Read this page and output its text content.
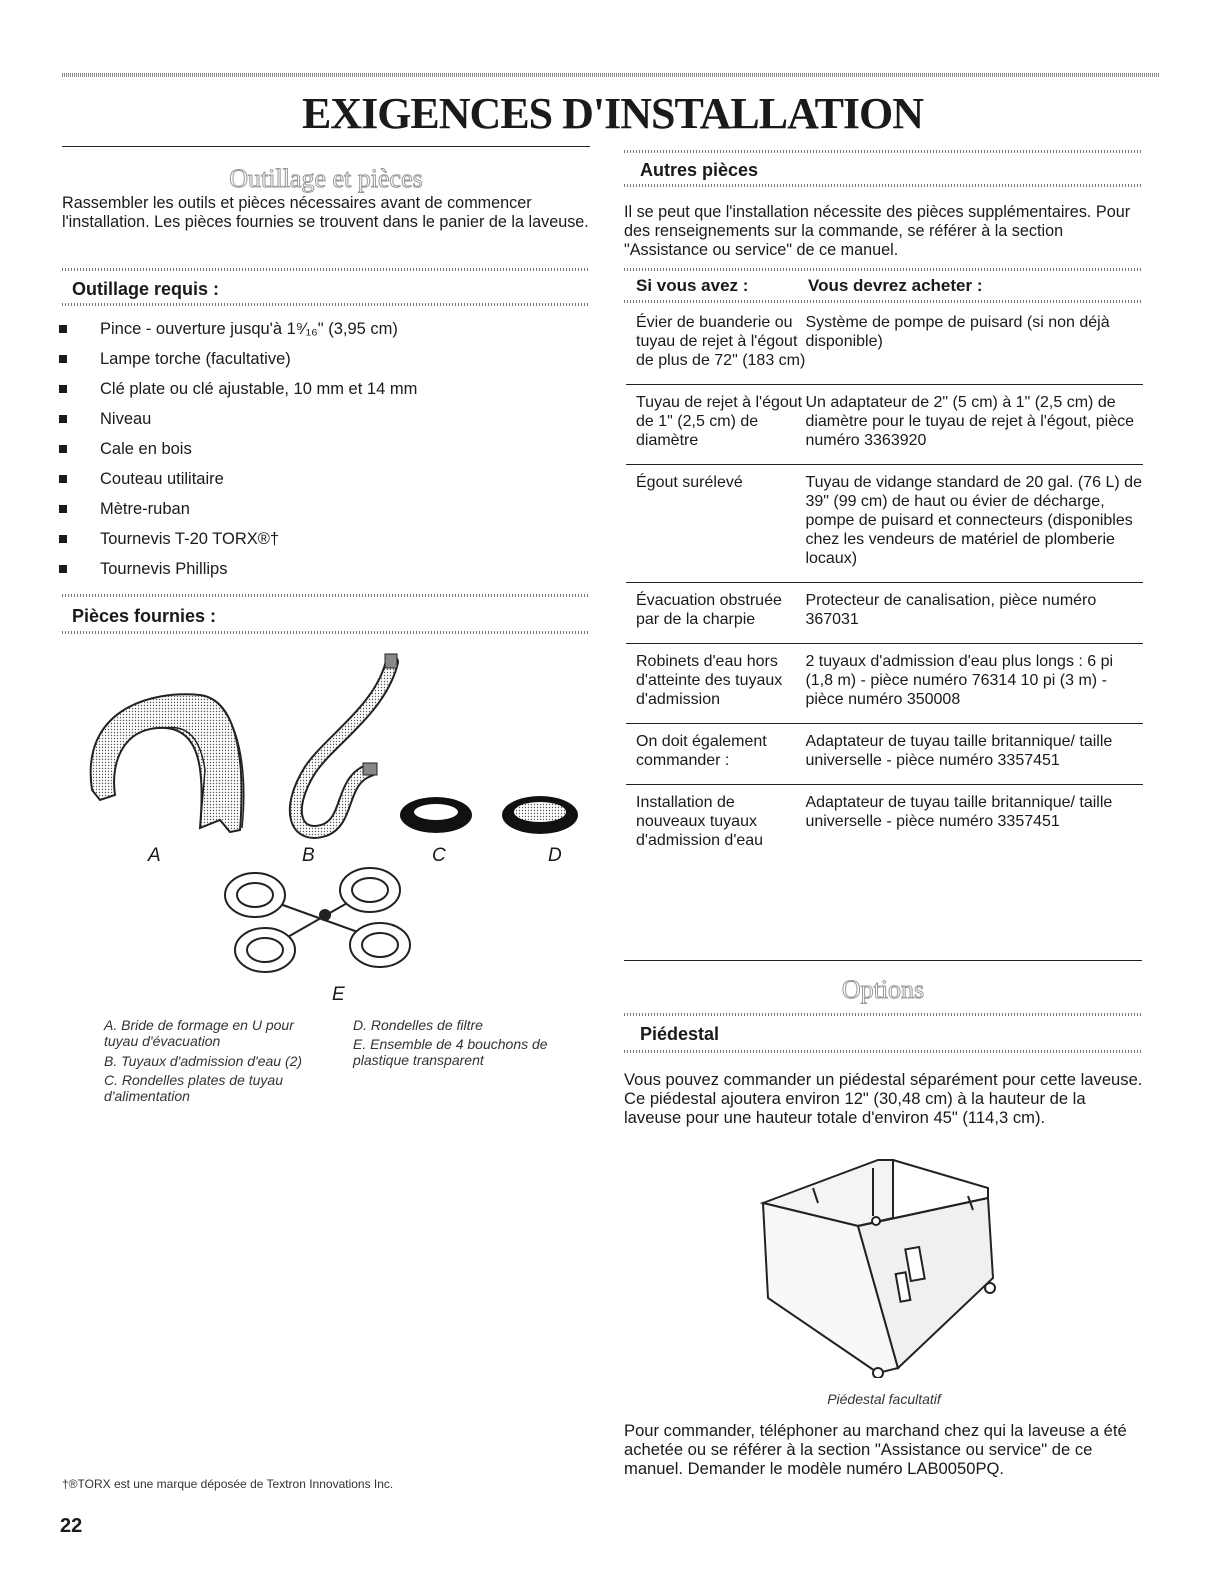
EXIGENCES D'INSTALLATION
Outillage et pièces

Rassembler les outils et pièces nécessaires avant de commencer l'installation. Les pièces fournies se trouvent dans le panier de la laveuse.

Outillage requis :
Pince - ouverture jusqu'à 1⁹⁄₁₆" (3,95 cm)
Lampe torche (facultative)
Clé plate ou clé ajustable, 10 mm et 14 mm
Niveau
Cale en bois
Couteau utilitaire
Mètre-ruban
Tournevis T-20 TORX®†
Tournevis Phillips
Pièces fournies :
A	B	C	D
E
A. Bride de formage en U pour tuyau d'évacuation
B. Tuyaux d'admission d'eau (2)
C. Rondelles plates de tuyau d'alimentation
D. Rondelles de filtre
E. Ensemble de 4 bouchons de plastique transparent
†®TORX est une marque déposée de Textron Innovations Inc.
22
Autres pièces

Il se peut que l'installation nécessite des pièces supplémentaires. Pour des renseignements sur la commande, se référer à la section "Assistance ou service" de ce manuel.

Si vous avez :	Vous devrez acheter :
Évier de buanderie ou tuyau de rejet à l'égout de plus de 72" (183 cm)	Système de pompe de puisard (si non déjà disponible)
Tuyau de rejet à l'égout de 1" (2,5 cm) de diamètre	Un adaptateur de 2" (5 cm) à 1" (2,5 cm) de diamètre pour le tuyau de rejet à l'égout, pièce numéro 3363920
Égout surélevé	Tuyau de vidange standard de 20 gal. (76 L) de 39" (99 cm) de haut ou évier de décharge, pompe de puisard et connecteurs (disponibles chez les vendeurs de matériel de plomberie locaux)
Évacuation obstruée par de la charpie	Protecteur de canalisation, pièce numéro 367031
Robinets d'eau hors d'atteinte des tuyaux d'admission	2 tuyaux d'admission d'eau plus longs : 6 pi (1,8 m) - pièce numéro 76314 10 pi (3 m) - pièce numéro 350008
On doit également commander :	Adaptateur de tuyau taille britannique/ taille universelle - pièce numéro 3357451
Installation de nouveaux tuyaux d'admission d'eau	Adaptateur de tuyau taille britannique/ taille universelle - pièce numéro 3357451
Options
Piédestal

Vous pouvez commander un piédestal séparément pour cette laveuse. Ce piédestal ajoutera environ 12" (30,48 cm) à la hauteur de la laveuse pour une hauteur totale d'environ 45" (114,3 cm).

Piédestal facultatif

Pour commander, téléphoner au marchand chez qui la laveuse a été achetée ou se référer à la section "Assistance ou service" de ce manuel. Demander le modèle numéro LAB0050PQ.
